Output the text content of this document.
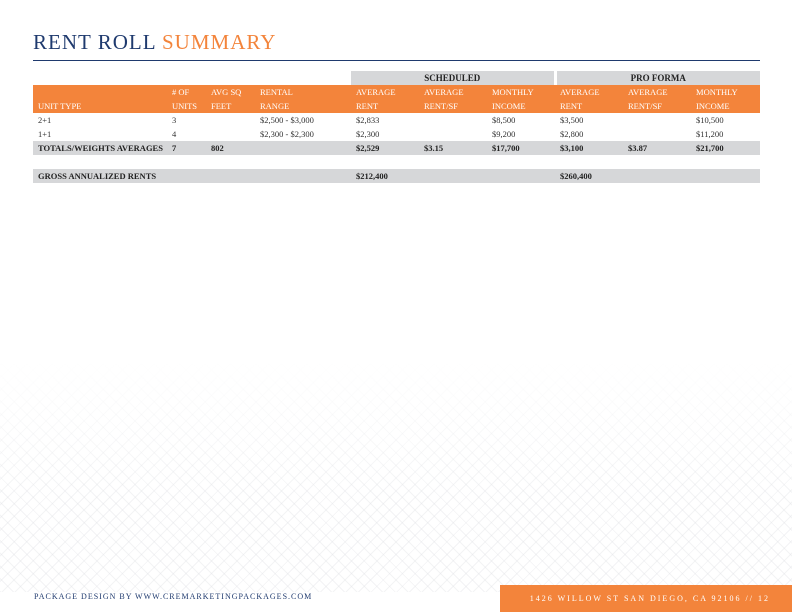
RENT ROLL SUMMARY
				SCHEDULED			PRO FORMA		
	# OF	AVG SQ	RENTAL	AVERAGE	AVERAGE	MONTHLY	AVERAGE	AVERAGE	MONTHLY
UNIT TYPE	UNITS	FEET	RANGE	RENT	RENT/SF	INCOME	RENT	RENT/SF	INCOME
2+1	3		$2,500 - $3,000	$2,833		$8,500	$3,500		$10,500
1+1	4		$2,300 - $2,300	$2,300		$9,200	$2,800		$11,200
TOTALS/WEIGHTS AVERAGES	7	802		$2,529	$3.15	$17,700	$3,100	$3.87	$21,700

GROSS ANNUALIZED RENTS				$212,400			$260,400		
PACKAGE DESIGN BY WWW.CREMARKETINGPACKAGES.COM	1426 WILLOW ST SAN DIEGO, CA 92106 // 12
